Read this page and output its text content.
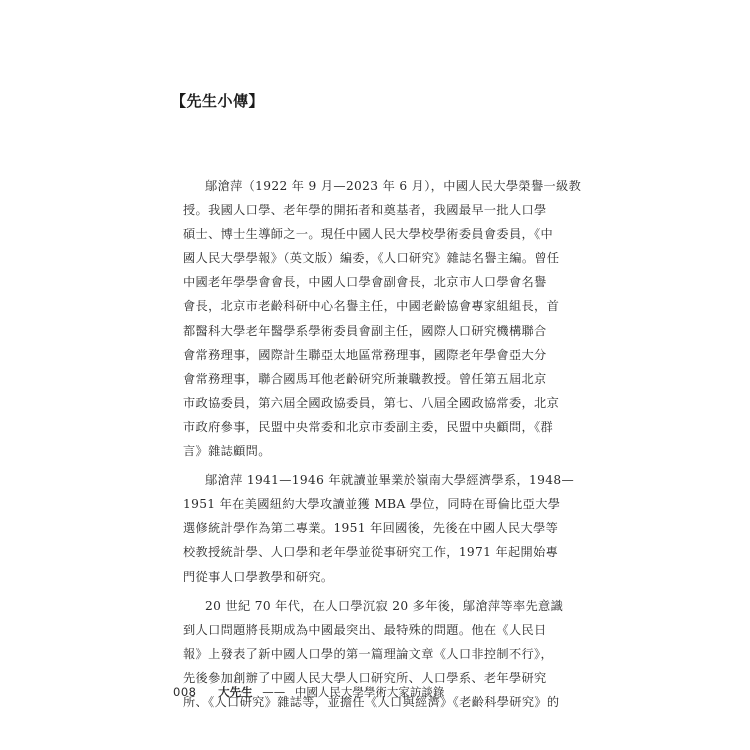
【先生小傳】
鄔滄萍（1922 年 9 月—2023 年 6 月），中國人民大學榮譽一級教
授。我國人口學、老年學的開拓者和奠基者，我國最早一批人口學
碩士、博士生導師之一。現任中國人民大學校學術委員會委員，《中
國人民大學學報》（英文版）編委，《人口研究》雜誌名譽主編。曾任
中國老年學學會會長，中國人口學會副會長，北京市人口學會名譽
會長，北京市老齡科研中心名譽主任，中國老齡協會專家組組長，首
都醫科大學老年醫學系學術委員會副主任，國際人口研究機構聯合
會常務理事，國際計生聯亞太地區常務理事，國際老年學會亞大分
會常務理事，聯合國馬耳他老齡研究所兼職教授。曾任第五屆北京
市政協委員，第六屆全國政協委員，第七、八屆全國政協常委，北京
市政府參事，民盟中央常委和北京市委副主委，民盟中央顧問，《群
言》雜誌顧問。
鄔滄萍 1941—1946 年就讀並畢業於嶺南大學經濟學系，1948—
1951 年在美國紐約大學攻讀並獲 MBA 學位，同時在哥倫比亞大學
選修統計學作為第二專業。1951 年回國後，先後在中國人民大學等
校教授統計學、人口學和老年學並從事研究工作，1971 年起開始專
門從事人口學教學和研究。
20 世紀 70 年代，在人口學沉寂 20 多年後，鄔滄萍等率先意識
到人口問題將長期成為中國最突出、最特殊的問題。他在《人民日
報》上發表了新中國人口學的第一篇理論文章《人口非控制不行》，
先後參加創辦了中國人民大學人口研究所、人口學系、老年學研究
所、《人口研究》雜誌等，並擔任《人口與經濟》《老齡科學研究》的
008 大先生 —— 中國人民大學學術大家訪談錄
